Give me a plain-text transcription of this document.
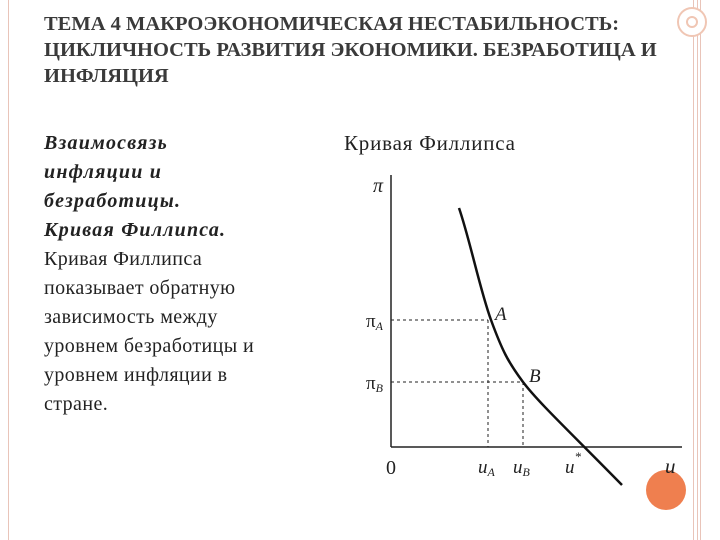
ТЕМА 4 МАКРОЭКОНОМИЧЕСКАЯ НЕСТАБИЛЬНОСТЬ: ЦИКЛИЧНОСТЬ РАЗВИТИЯ ЭКОНОМИКИ. БЕЗРАБОТИЦА И ИНФЛЯЦИЯ
Взаимосвязь
инфляции и
безработицы.
Кривая Филлипса.
Кривая Филлипса
показывает обратную
зависимость между
уровнем безработицы и
уровнем инфляции в
стране.
Кривая Филлипса
π
πA
πB
0	uA uB u*	u
A
B
